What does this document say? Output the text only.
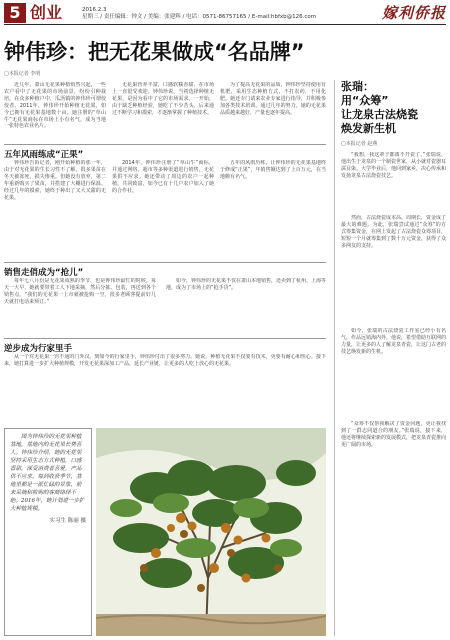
5 创业	2016.2.3
星期三 / 责任编辑：钟文 / 美编：张建辉 / 电话：0571-86757165 / E-mail:hbfxb@126.com	嫁利侨报
钟伟珍：把无花果做成“名品牌”
□本报记者 李明

近几年，萧山无花果种植悄然兴起，一些农户看中了无花果的市场前景，纷纷引种栽培。在众多种植户中，瓜沥镇的钟伟珍可谓佼佼者。2011年，钟伟珍开始种植无花果，如今已拥有无花果基地数十亩，她注册的“草山牛”无花果商标在市场上小有名气，成为当地一张特色农业名片。

无花果营养丰富，口感软糯香甜，在市场上一直很受欢迎。钟伟珍说，当初选择种植无花果，是因为看中了它的市场需求。一开始，由于缺乏种植经验，她吃了不少苦头，后来通过不断学习和摸索，才逐渐掌握了种植技术。

为了提高无花果的品质，钟伟珍坚持使用有机肥，采用生态种植方式，不打农药，不用化肥。她还专门请来农业专家进行指导，并积极参加各类技术培训。通过几年的努力，她的无花果品质越来越好，产量也逐年提高。

五年风雨练成“正果”

钟伟珍告诉记者，刚开始种植的那一年，由于对无花果的生长习性不了解，很多果苗在冬天被冻死，损失惨重。但她没有放弃，第二年重新购买了果苗，并搭建了大棚进行保温。经过几年的摸索，她终于种出了又大又甜的无花果。

2014年，钟伟珍注册了“草山牛”商标，并通过网络、超市等多种渠道进行销售，无花果供不应求。她还带动了周边的农户一起种植，共同致富，如今已有十几户农户加入了她的合作社。

五年的风雨历练，让钟伟珍的无花果基地终于修成“正果”，年销售额达到了上百万元，在当地颇有名气。

销售走俏成为“抢儿”

每年七八月份是无花果成熟的季节，也是钟伟珍最忙的时候。每天一大早，她就要带着工人下地采摘，然后分拣、包装，再送到各个销售点。“我们的无花果一上市就被抢购一空，很多老顾客提前好几天就打电话来预订。”

如今，钟伟珍的无花果不仅在萧山本地销售，还卖到了杭州、上海等地，成为了市场上的“抢手货”。

逆步成为行家里手

从一个对无花果一窍不通的门外汉，到如今的行家里手，钟伟珍付出了很多努力。她说，种植无花果不仅要有技术，更要有耐心和恒心。接下来，她打算进一步扩大种植规模，开发无花果深加工产品，延长产业链，让更多的人吃上放心的无花果。

张瑞：
用“众筹”
让龙泉古法烧瓷
焕发新生机
□本报记者 赵燕

“我想，我这辈子都离不开瓷了。”张瑞说，他出生于龙泉的一个制瓷世家，从小就对瓷器耳濡目染。大学毕业后，他回到家乡，决心传承和发扬龙泉古法烧瓷技艺。

然而，古法烧瓷成本高、周期长，资金成了最大的难题。为此，张瑞尝试通过“众筹”的方式筹集资金，在网上发起了古法烧瓷众筹项目，短短一个月就筹集到了数十万元资金，获得了众多网友的支持。

如今，张瑞的古法烧瓷工作室已经小有名气，作品远销海内外。他说，希望借助互联网的力量，让更多的人了解龙泉青瓷，让这门古老的技艺焕发新的生机。

“众筹不仅帮我解决了资金问题，更让我找到了一群志同道合的朋友。”张瑞说，接下来，他还将继续探索新的发展模式，把龙泉青瓷推向更广阔的市场。

图为钟伟珍的无花果种植基地，基地内的无花果长势喜人。钟伟珍介绍，她的无花果坚持采用生态方式种植，口感香甜，深受消费者喜爱，产品供不应求。每到收获季节，基地里都是一派忙碌的景象，前来采摘和收购的客商络绎不绝。2016年，她计划进一步扩大种植规模。

实习生 陈丽 摄
